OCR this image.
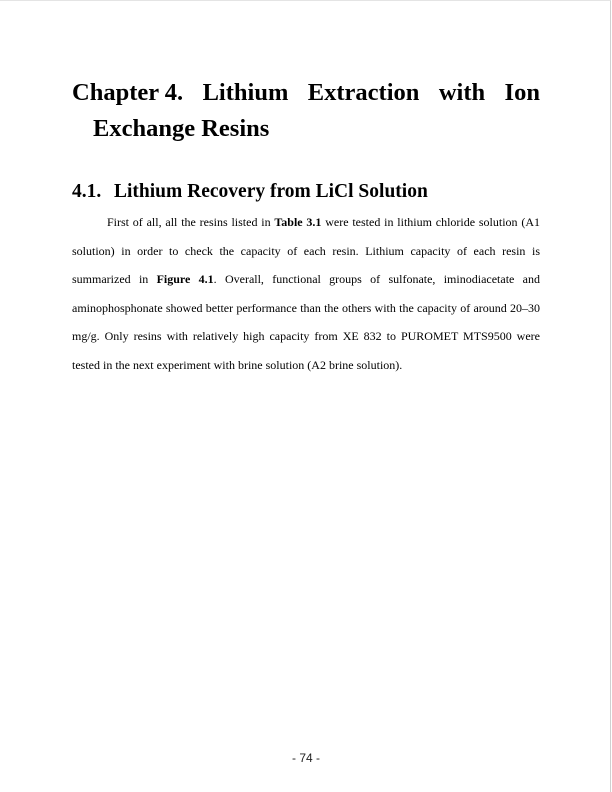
Chapter 4. Lithium Extraction with Ion
Exchange Resins
4.1. Lithium Recovery from LiCl Solution

First of all, all the resins listed in Table 3.1 were tested in lithium chloride solution (A1 solution) in order to check the capacity of each resin. Lithium capacity of each resin is summarized in Figure 4.1. Overall, functional groups of sulfonate, iminodiacetate and aminophosphonate showed better performance than the others with the capacity of around 20–30 mg/g. Only resins with relatively high capacity from XE 832 to PUROMET MTS9500 were tested in the next experiment with brine solution (A2 brine solution).

- 74 -
